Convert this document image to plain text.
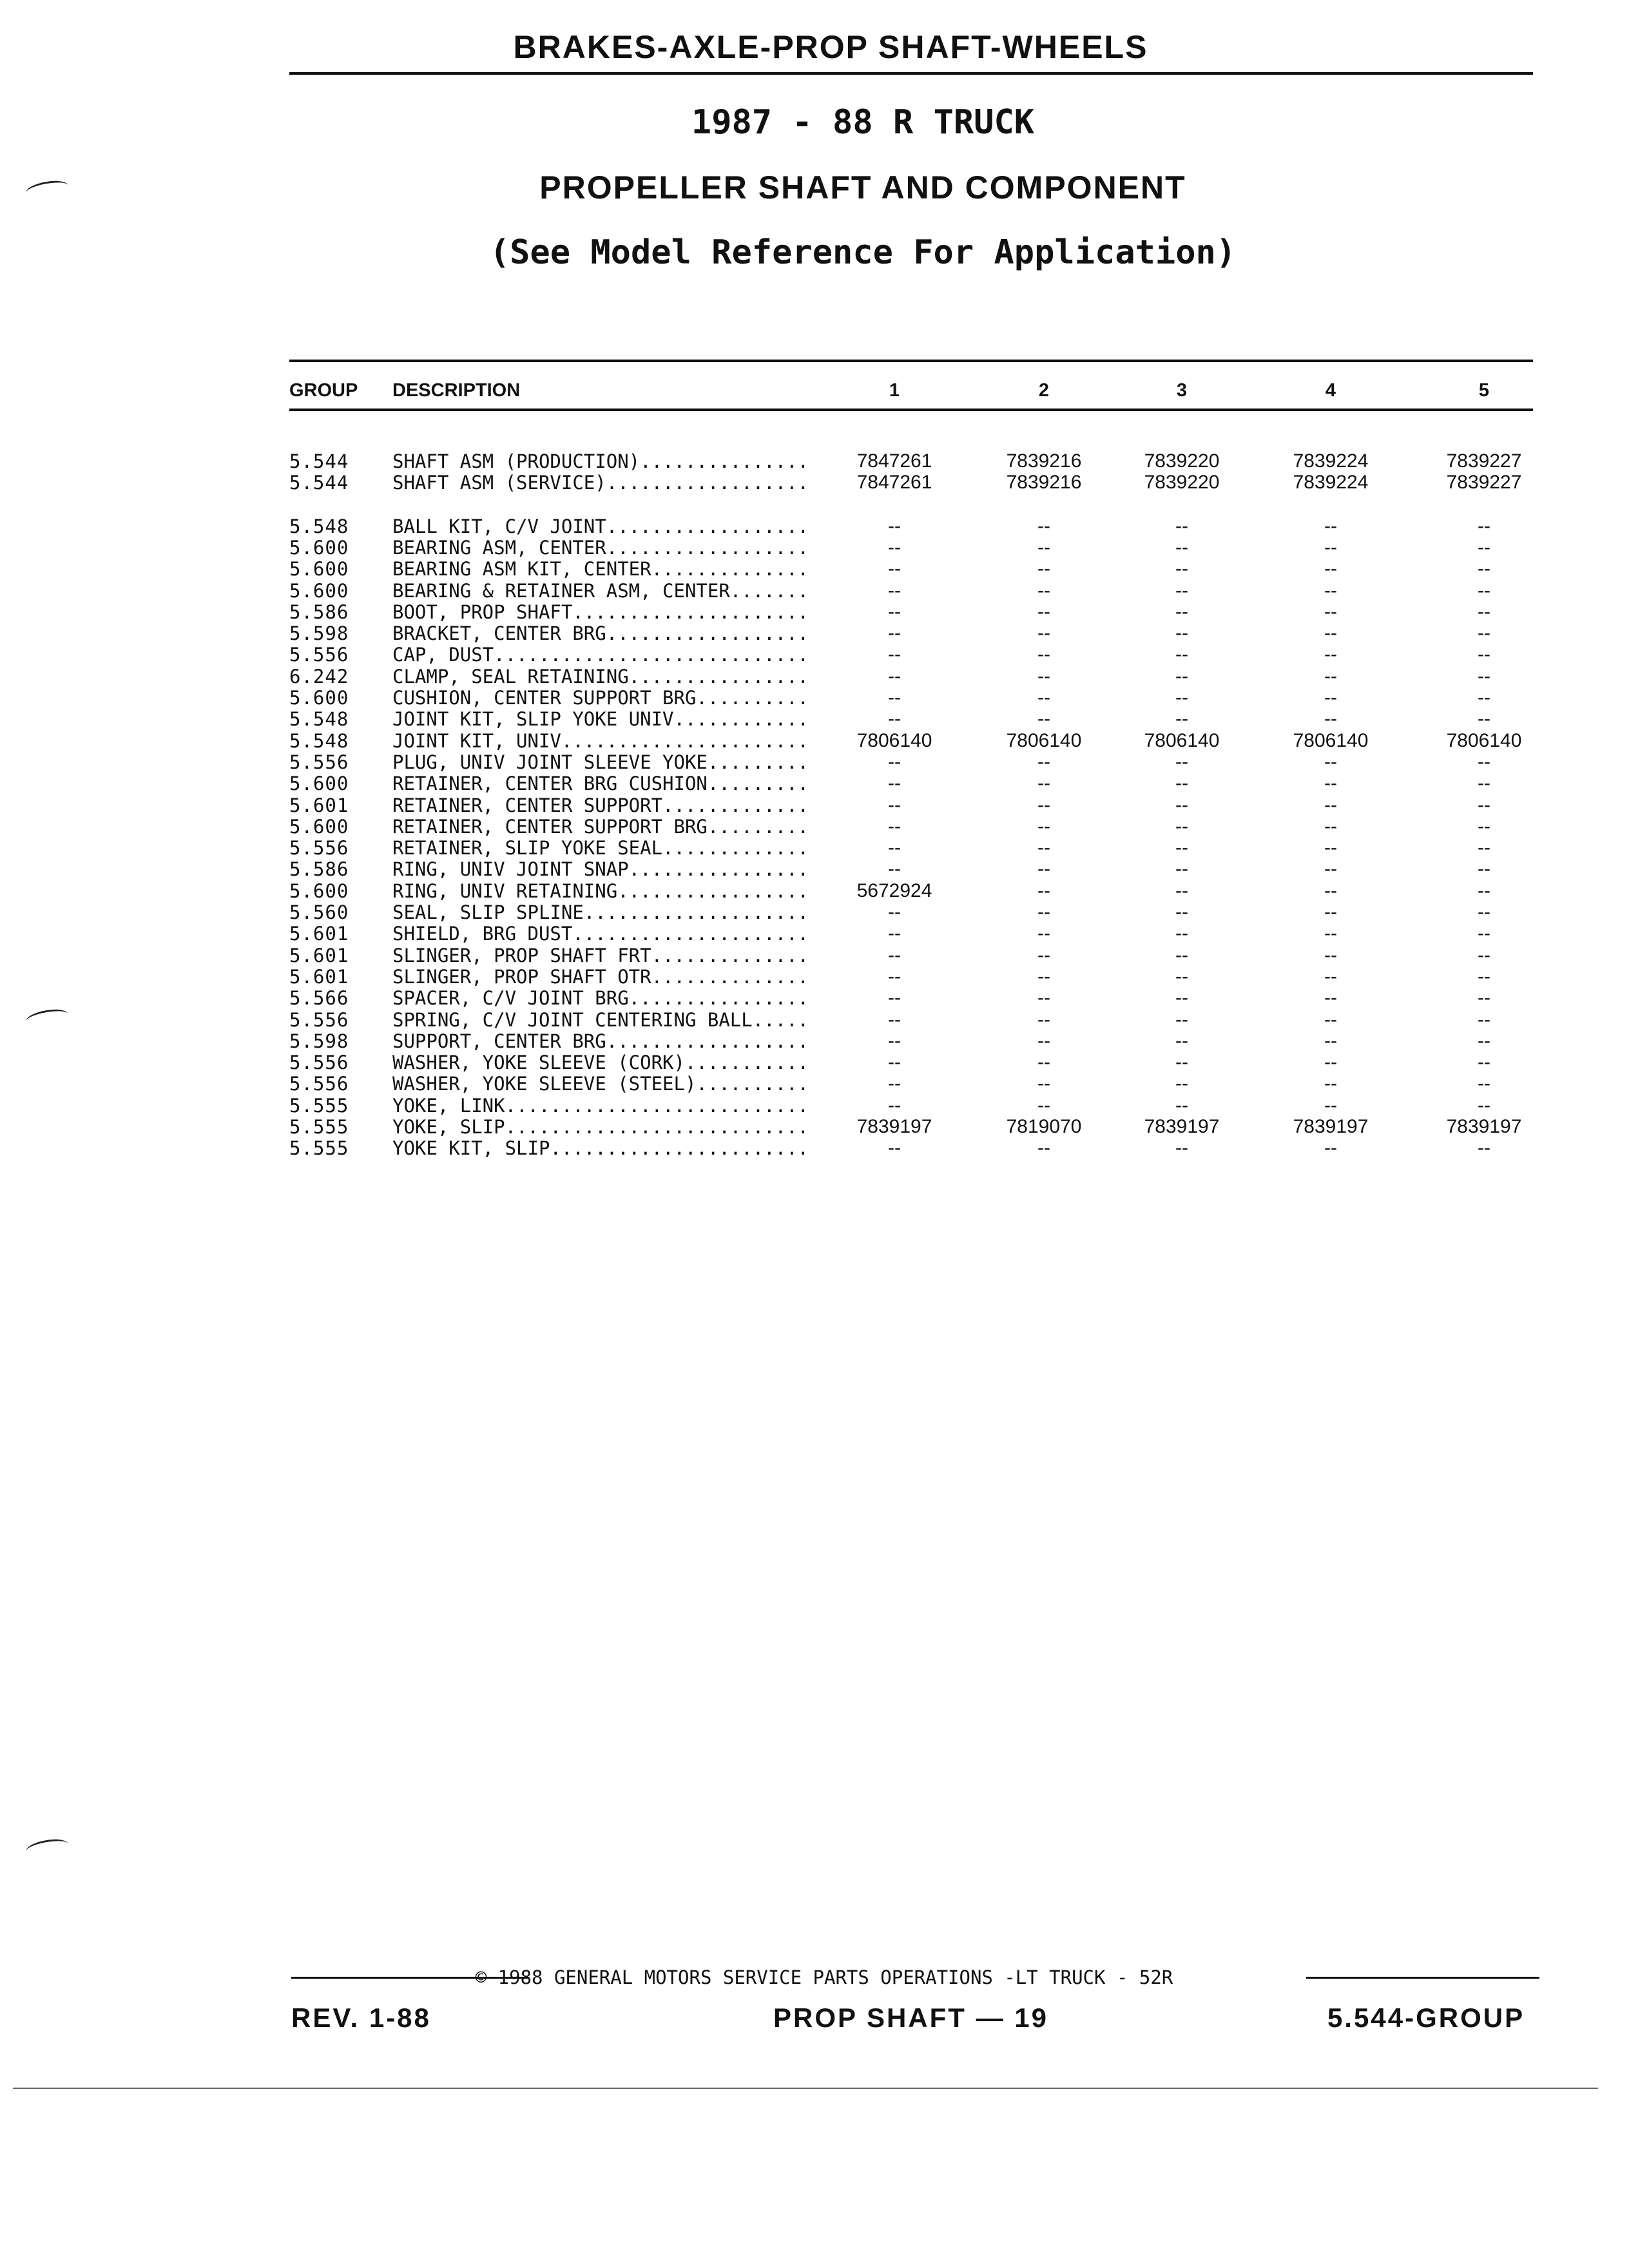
BRAKES-AXLE-PROP SHAFT-WHEELS
1987 - 88 R TRUCK
PROPELLER SHAFT AND COMPONENT
(See Model Reference For Application)
GROUP DESCRIPTION	1	2	3	4	5
5.544	SHAFT ASM (PRODUCTION)...............	7847261	7839216	7839220	7839224	7839227
5.544	SHAFT ASM (SERVICE)..................	7847261	7839216	7839220	7839224	7839227
5.548	BALL KIT, C/V JOINT..................	--	--	--	--	--
5.600	BEARING ASM, CENTER..................	--	--	--	--	--
5.600	BEARING ASM KIT, CENTER..............	--	--	--	--	--
5.600	BEARING & RETAINER ASM, CENTER.......	--	--	--	--	--
5.586	BOOT, PROP SHAFT.....................	--	--	--	--	--
5.598	BRACKET, CENTER BRG..................	--	--	--	--	--
5.556	CAP, DUST............................	--	--	--	--	--
6.242	CLAMP, SEAL RETAINING................	--	--	--	--	--
5.600	CUSHION, CENTER SUPPORT BRG..........	--	--	--	--	--
5.548	JOINT KIT, SLIP YOKE UNIV............	--	--	--	--	--
5.548	JOINT KIT, UNIV......................	7806140	7806140	7806140	7806140	7806140
5.556	PLUG, UNIV JOINT SLEEVE YOKE.........	--	--	--	--	--
5.600	RETAINER, CENTER BRG CUSHION.........	--	--	--	--	--
5.601	RETAINER, CENTER SUPPORT.............	--	--	--	--	--
5.600	RETAINER, CENTER SUPPORT BRG.........	--	--	--	--	--
5.556	RETAINER, SLIP YOKE SEAL.............	--	--	--	--	--
5.586	RING, UNIV JOINT SNAP................	--	--	--	--	--
5.600	RING, UNIV RETAINING.................	5672924	--	--	--	--
5.560	SEAL, SLIP SPLINE....................	--	--	--	--	--
5.601	SHIELD, BRG DUST.....................	--	--	--	--	--
5.601	SLINGER, PROP SHAFT FRT..............	--	--	--	--	--
5.601	SLINGER, PROP SHAFT OTR..............	--	--	--	--	--
5.566	SPACER, C/V JOINT BRG................	--	--	--	--	--
5.556	SPRING, C/V JOINT CENTERING BALL.....	--	--	--	--	--
5.598	SUPPORT, CENTER BRG..................	--	--	--	--	--
5.556	WASHER, YOKE SLEEVE (CORK)...........	--	--	--	--	--
5.556	WASHER, YOKE SLEEVE (STEEL)..........	--	--	--	--	--
5.555	YOKE, LINK...........................	--	--	--	--	--
5.555	YOKE, SLIP...........................	7839197	7819070	7839197	7839197	7839197
5.555	YOKE KIT, SLIP.......................	--	--	--	--	--
© 1988 GENERAL MOTORS SERVICE PARTS OPERATIONS -LT TRUCK - 52R
REV. 1-88	PROP SHAFT — 19	5.544-GROUP
